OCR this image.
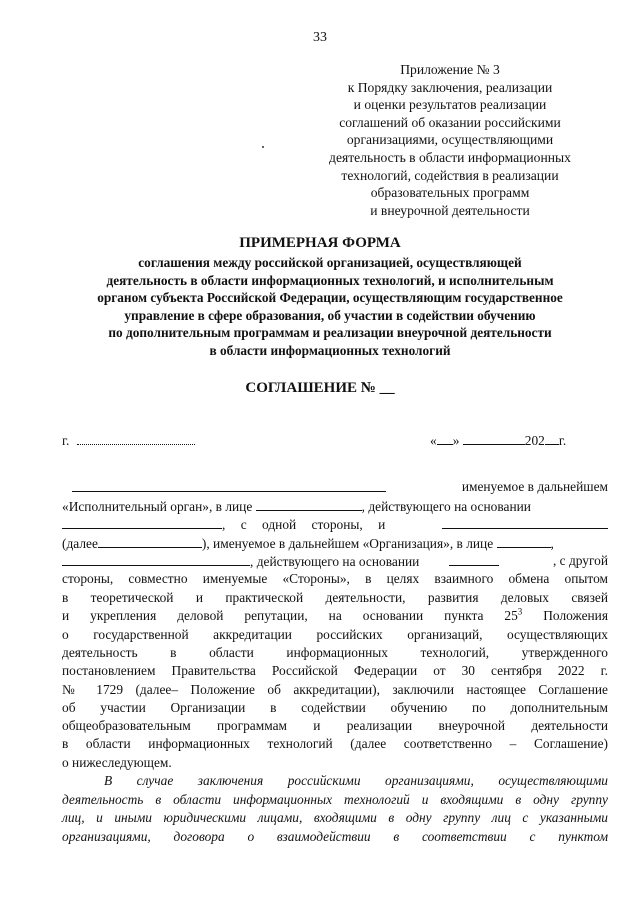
33
Приложение № 3
к Порядку заключения, реализации
и оценки результатов реализации
соглашений об оказании российскими
организациями, осуществляющими
деятельность в области информационных
технологий, содействия в реализации
образовательных программ
и внеурочной деятельности
ПРИМЕРНАЯ ФОРМА
соглашения между российской организацией, осуществляющей
деятельность в области информационных технологий, и исполнительным
органом субъекта Российской Федерации, осуществляющим государственное
управление в сфере образования, об участии в содействии обучению
по дополнительным программам и реализации внеурочной деятельности
в области информационных технологий
СОГЛАШЕНИЕ № __
г.	« »	202 г.
именуемое в дальнейшем
«Исполнительный орган», в лице	, действующего на основании
, с одной стороны, и
(далее	), именуемое в дальнейшем «Организация», в лице	,
, действующего на основании	, с другой
стороны, совместно именуемые «Стороны», в целях взаимного обмена опытом
в теоретической и практической деятельности, развития деловых связей
и укрепления деловой репутации, на основании пункта $25^3$ Положения
о государственной аккредитации российских организаций, осуществляющих
деятельность в области информационных технологий, утвержденного
постановлением Правительства Российской Федерации от 30 сентября 2022 г.
№ 1729 (далее– Положение об аккредитации), заключили настоящее Соглашение
об участии Организации в содействии обучению по дополнительным
общеобразовательным программам и реализации внеурочной деятельности
в области информационных технологий (далее соответственно – Соглашение)
о нижеследующем.
В случае заключения российскими организациями, осуществляющими
деятельность в области информационных технологий и входящими в одну группу
лиц, и иными юридическими лицами, входящими в одну группу лиц с указанными
организациями, договора о взаимодействии в соответствии с пунктом
